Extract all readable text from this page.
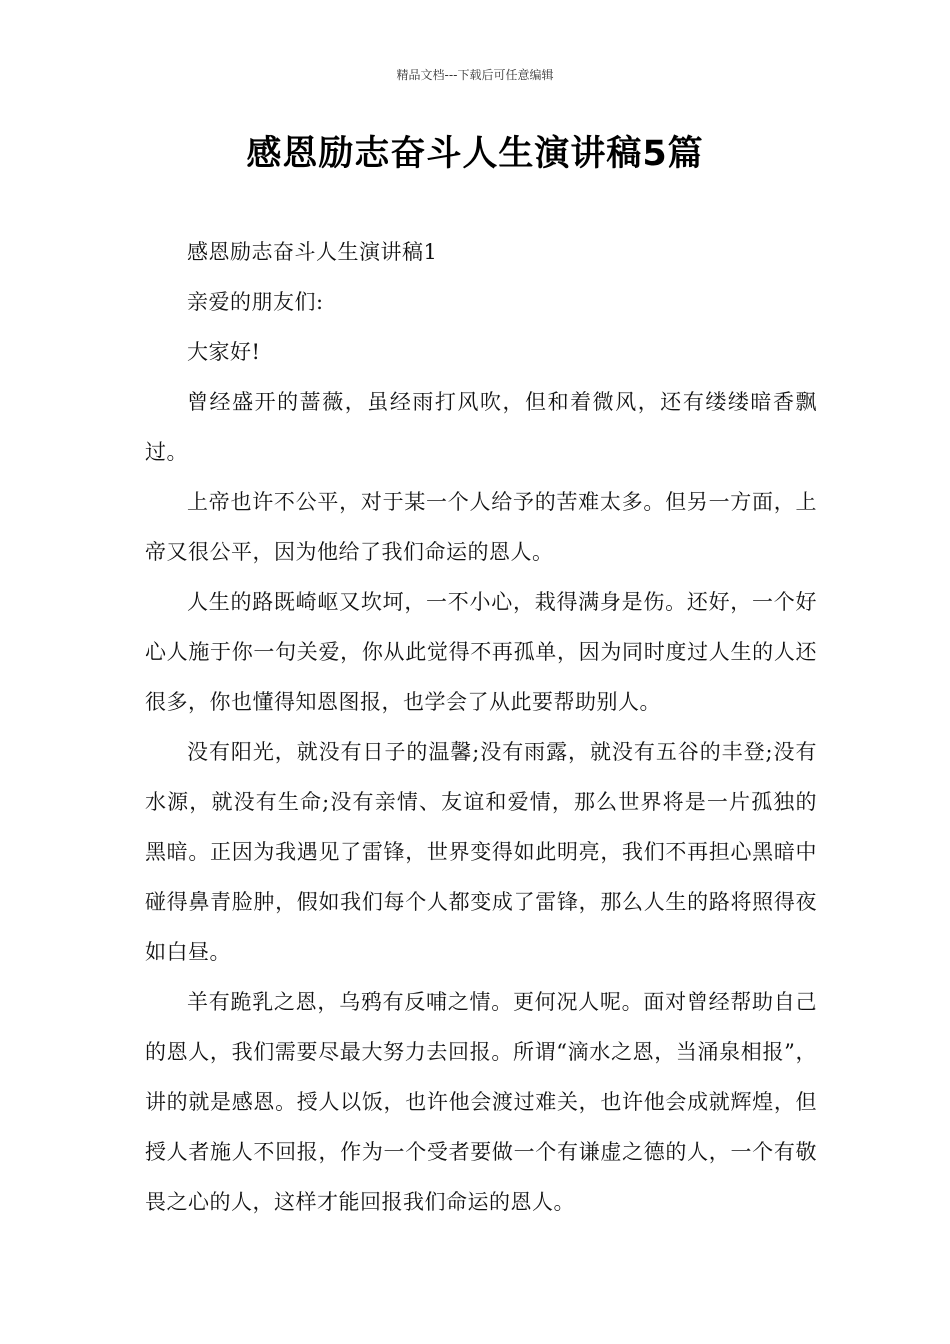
精品文档---下载后可任意编辑
感恩励志奋斗人生演讲稿5篇

感恩励志奋斗人生演讲稿1

亲爱的朋友们:

大家好!

曾经盛开的蔷薇，虽经雨打风吹，但和着微风，还有缕缕暗香飘过。

上帝也许不公平，对于某一个人给予的苦难太多。但另一方面，上帝又很公平，因为他给了我们命运的恩人。

人生的路既崎岖又坎坷，一不小心，栽得满身是伤。还好，一个好心人施于你一句关爱，你从此觉得不再孤单，因为同时度过人生的人还很多，你也懂得知恩图报，也学会了从此要帮助别人。

没有阳光，就没有日子的温馨;没有雨露，就没有五谷的丰登;没有水源，就没有生命;没有亲情、友谊和爱情，那么世界将是一片孤独的黑暗。正因为我遇见了雷锋，世界变得如此明亮，我们不再担心黑暗中碰得鼻青脸肿，假如我们每个人都变成了雷锋，那么人生的路将照得夜如白昼。

羊有跪乳之恩，乌鸦有反哺之情。更何况人呢。面对曾经帮助自己的恩人，我们需要尽最大努力去回报。所谓“滴水之恩，当涌泉相报”，讲的就是感恩。授人以饭，也许他会渡过难关，也许他会成就辉煌，但授人者施人不回报，作为一个受者要做一个有谦虚之德的人，一个有敬畏之心的人，这样才能回报我们命运的恩人。
